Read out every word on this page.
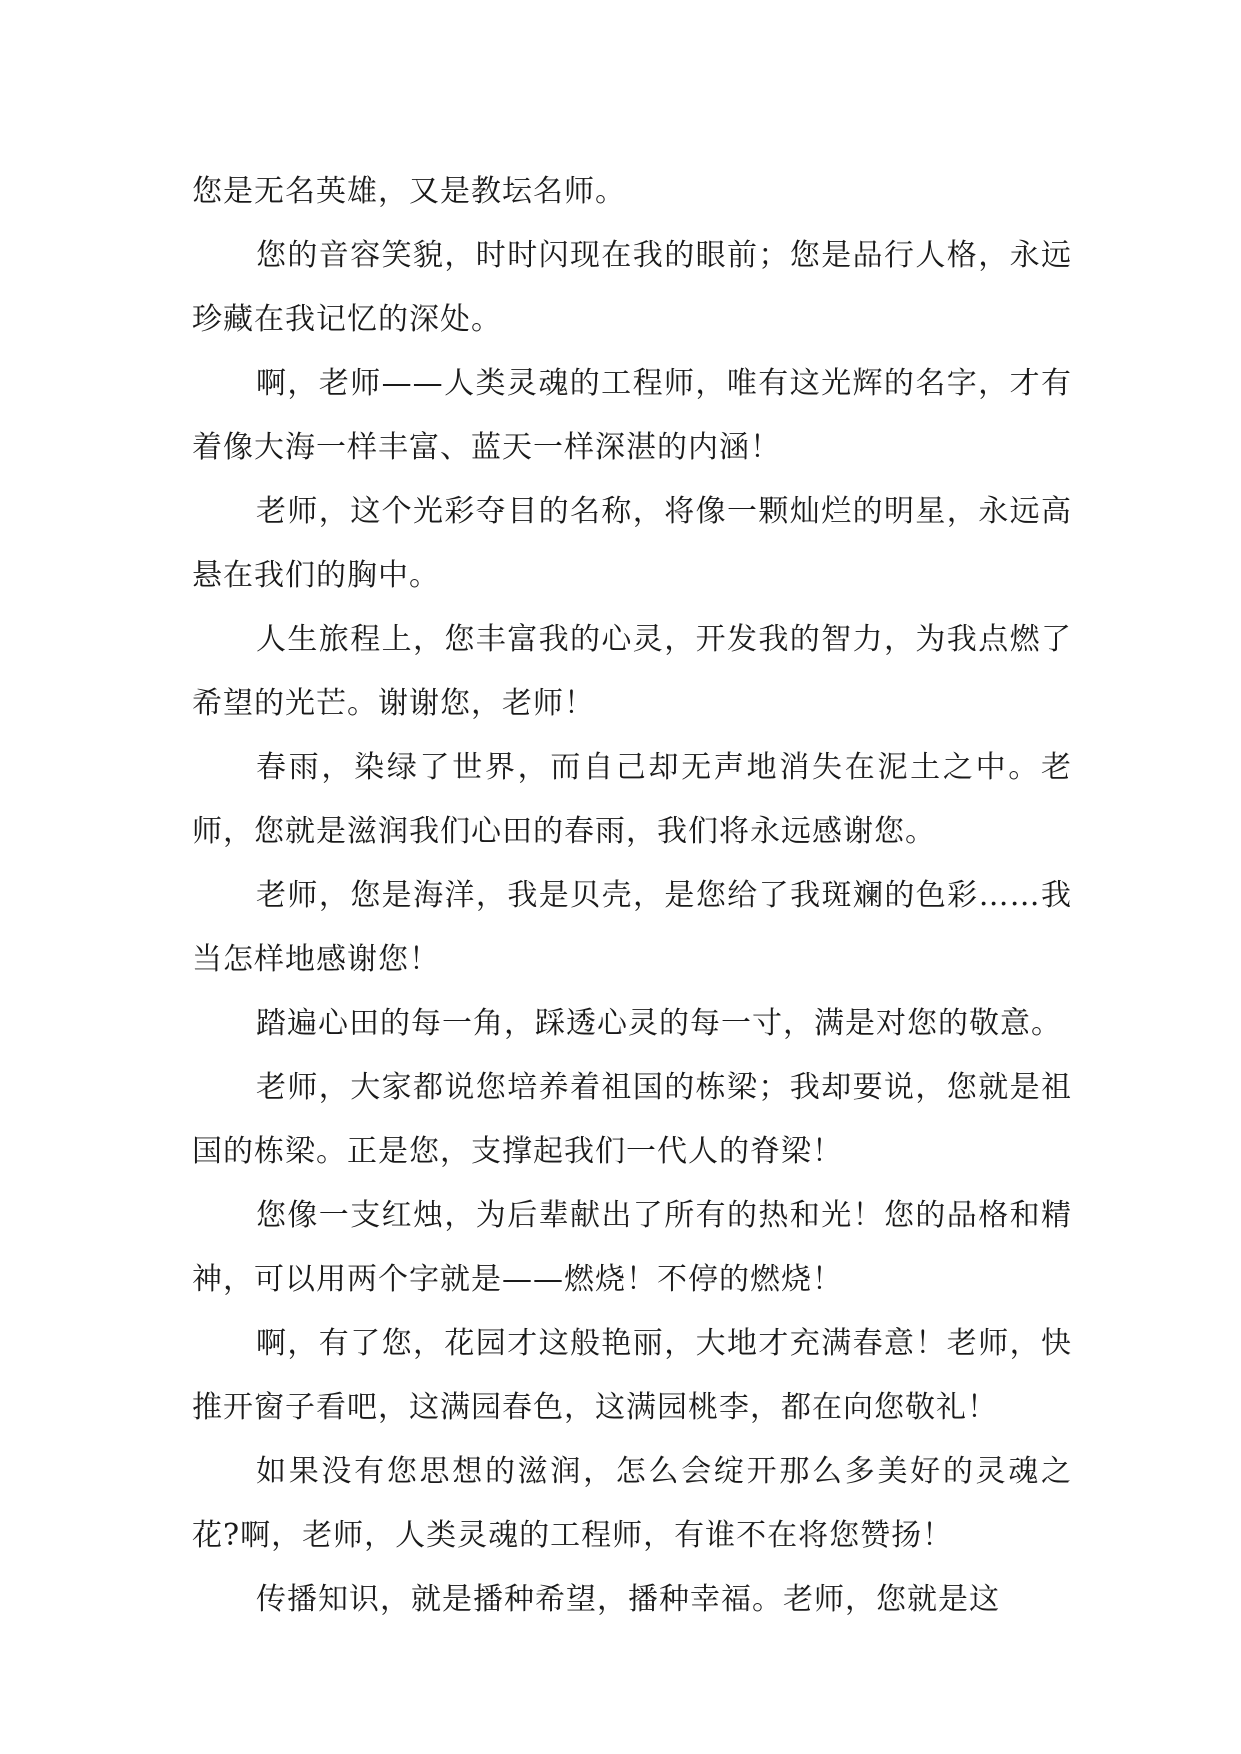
您是无名英雄，又是教坛名师。

您的音容笑貌，时时闪现在我的眼前；您是品行人格，永远珍藏在我记忆的深处。

啊，老师——人类灵魂的工程师，唯有这光辉的名字，才有着像大海一样丰富、蓝天一样深湛的内涵！

老师，这个光彩夺目的名称，将像一颗灿烂的明星，永远高悬在我们的胸中。

人生旅程上，您丰富我的心灵，开发我的智力，为我点燃了希望的光芒。谢谢您，老师！

春雨，染绿了世界，而自己却无声地消失在泥土之中。老师，您就是滋润我们心田的春雨，我们将永远感谢您。

老师，您是海洋，我是贝壳，是您给了我斑斓的色彩……我当怎样地感谢您！

踏遍心田的每一角，踩透心灵的每一寸，满是对您的敬意。

老师，大家都说您培养着祖国的栋梁；我却要说，您就是祖国的栋梁。正是您，支撑起我们一代人的脊梁！

您像一支红烛，为后辈献出了所有的热和光！您的品格和精神，可以用两个字就是——燃烧！不停的燃烧！

啊，有了您，花园才这般艳丽，大地才充满春意！老师，快推开窗子看吧，这满园春色，这满园桃李，都在向您敬礼！

如果没有您思想的滋润，怎么会绽开那么多美好的灵魂之花?啊，老师，人类灵魂的工程师，有谁不在将您赞扬！

传播知识，就是播种希望，播种幸福。老师，您就是这
